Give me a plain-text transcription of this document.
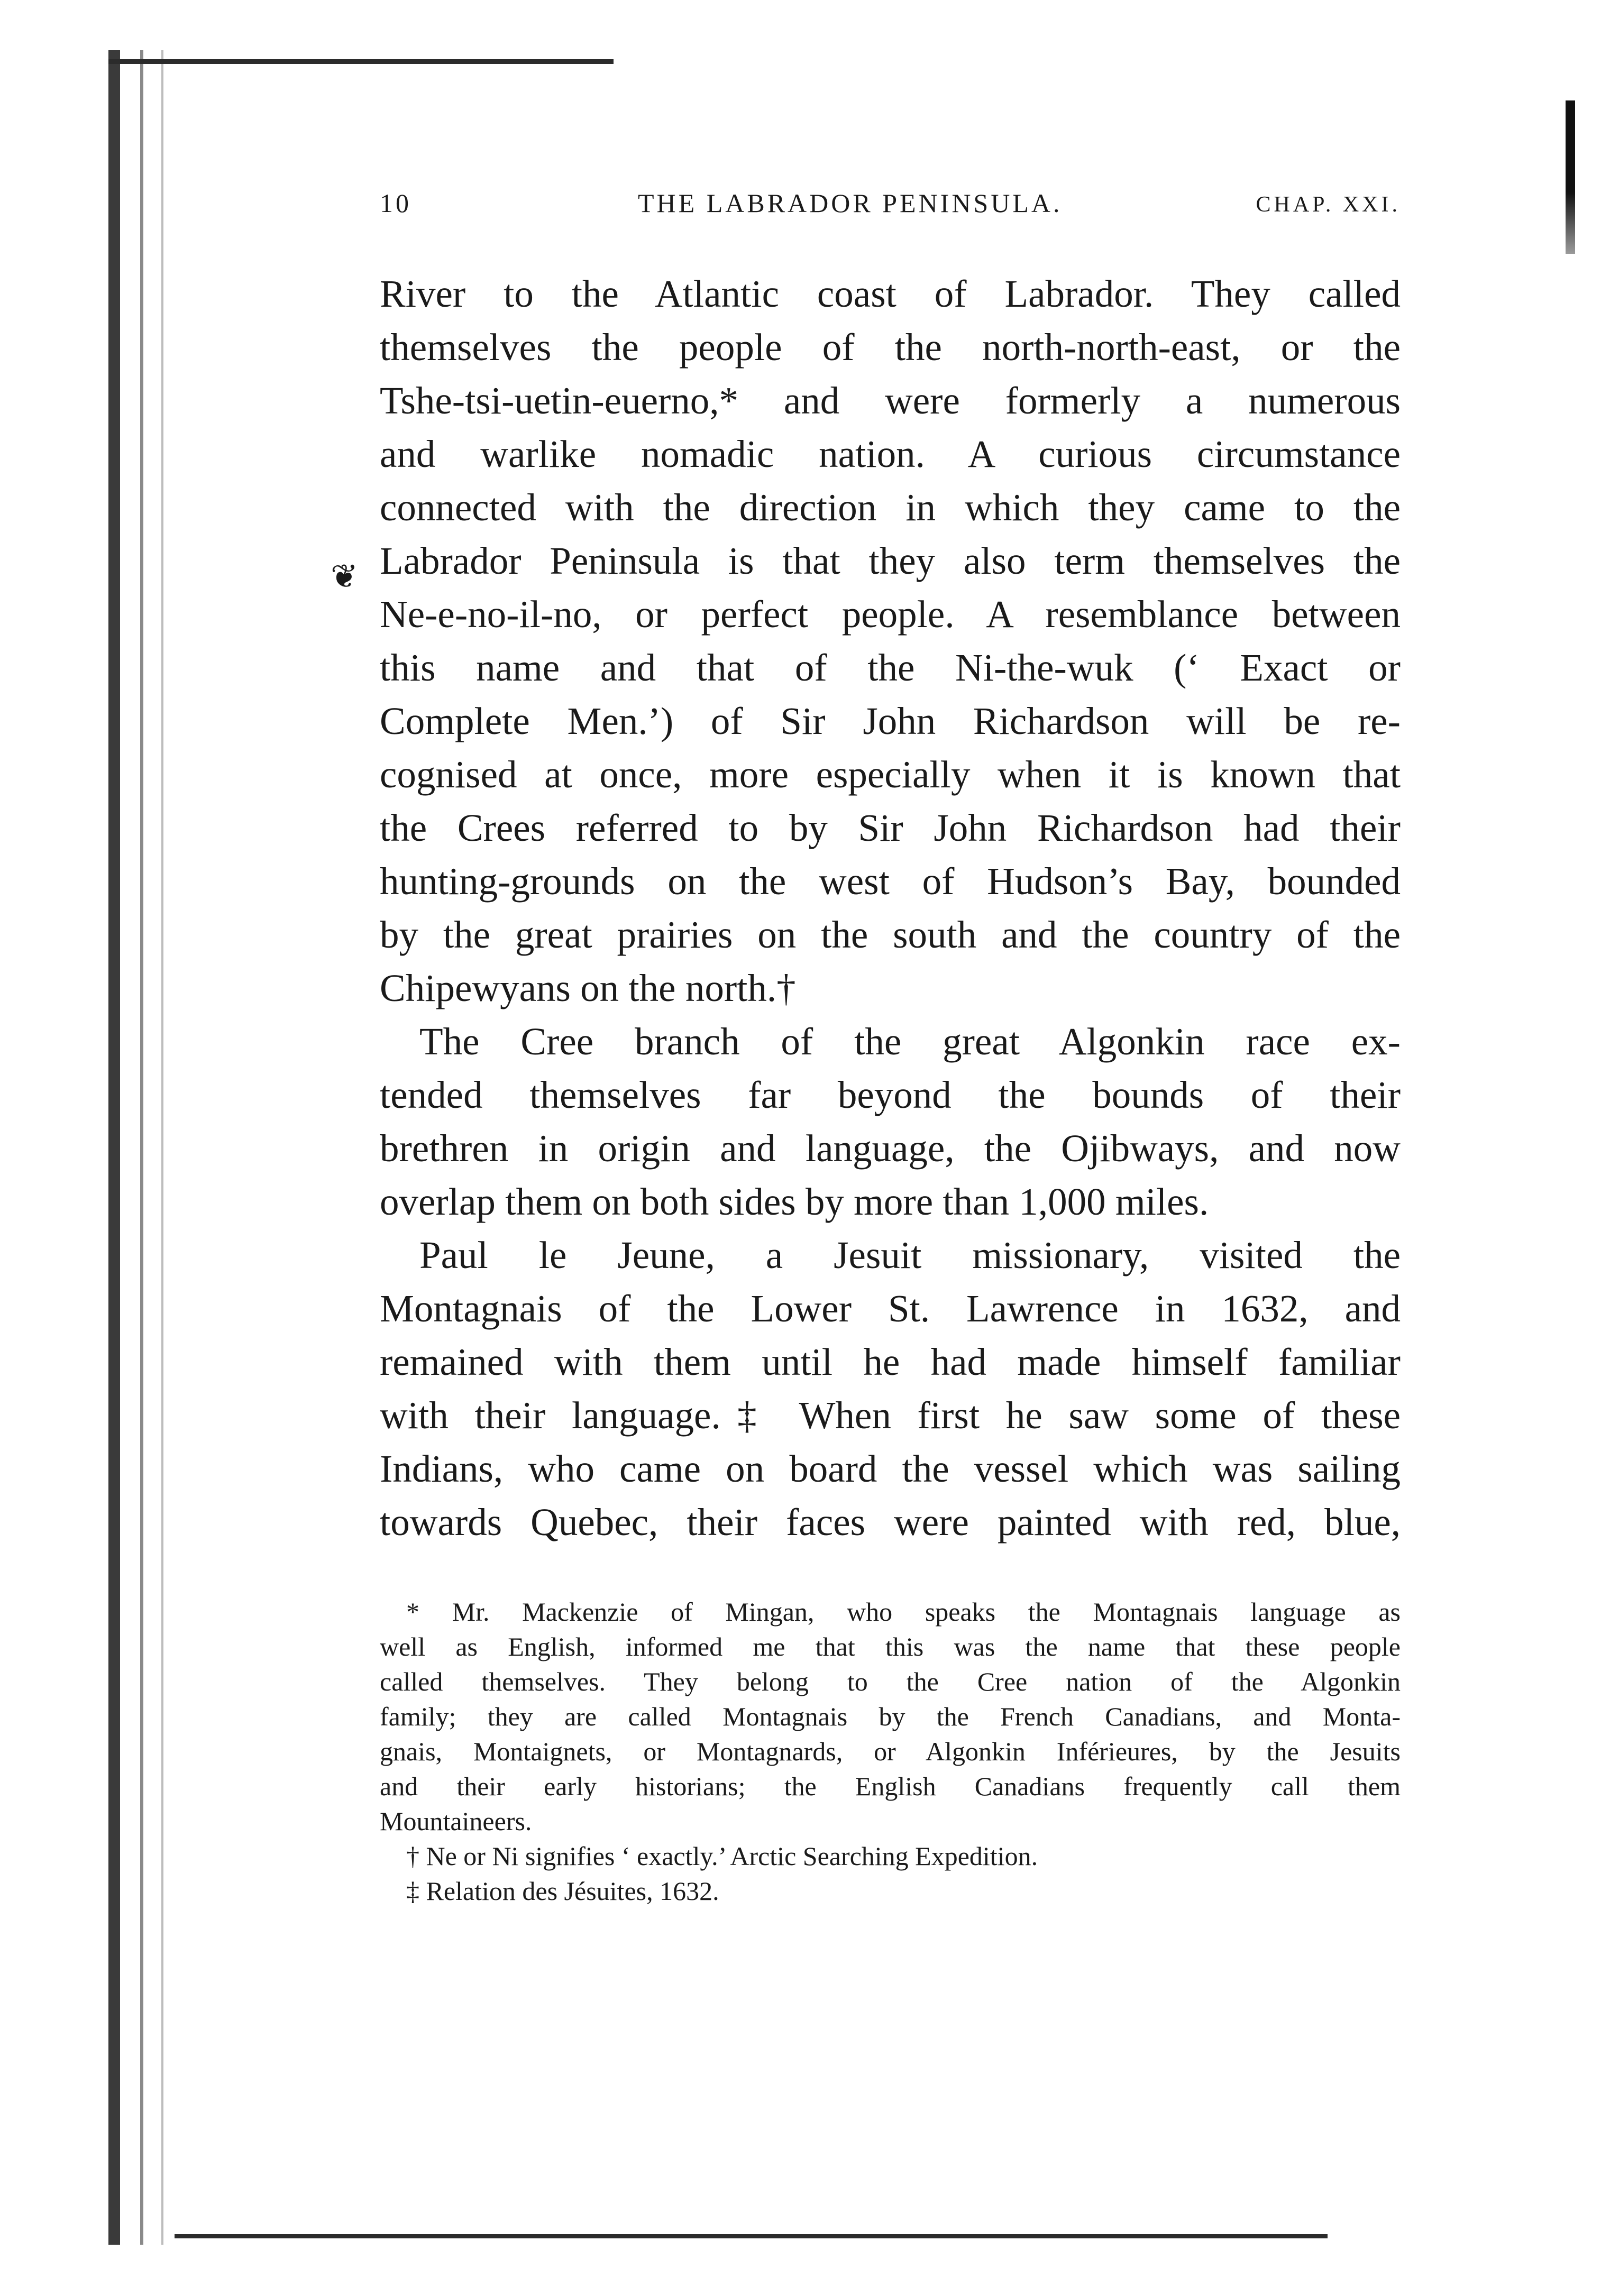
❦
10	THE LABRADOR PENINSULA.	CHAP. XXI.
River to the Atlantic coast of Labrador. They called
themselves the people of the north-north-east, or the
Tshe-tsi-uetin-euerno,* and were formerly a numerous
and warlike nomadic nation. A curious circumstance
connected with the direction in which they came to the
Labrador Peninsula is that they also term themselves the
Ne-e-no-il-no, or perfect people. A resemblance between
this name and that of the Ni-the-wuk (‘ Exact or
Complete Men.’) of Sir John Richardson will be re-
cognised at once, more especially when it is known that
the Crees referred to by Sir John Richardson had their
hunting-grounds on the west of Hudson’s Bay, bounded
by the great prairies on the south and the country of the
Chipewyans on the north.†
The Cree branch of the great Algonkin race ex-
tended themselves far beyond the bounds of their
brethren in origin and language, the Ojibways, and now
overlap them on both sides by more than 1,000 miles.
Paul le Jeune, a Jesuit missionary, visited the
Montagnais of the Lower St. Lawrence in 1632, and
remained with them until he had made himself familiar
with their language.‡ When first he saw some of these
Indians, who came on board the vessel which was sailing
towards Quebec, their faces were painted with red, blue,
* Mr. Mackenzie of Mingan, who speaks the Montagnais language as
well as English, informed me that this was the name that these people
called themselves. They belong to the Cree nation of the Algonkin
family; they are called Montagnais by the French Canadians, and Monta-
gnais, Montaignets, or Montagnards, or Algonkin Inférieures, by the Jesuits
and their early historians; the English Canadians frequently call them
Mountaineers.
† Ne or Ni signifies ‘ exactly.’ Arctic Searching Expedition.
‡ Relation des Jésuites, 1632.
